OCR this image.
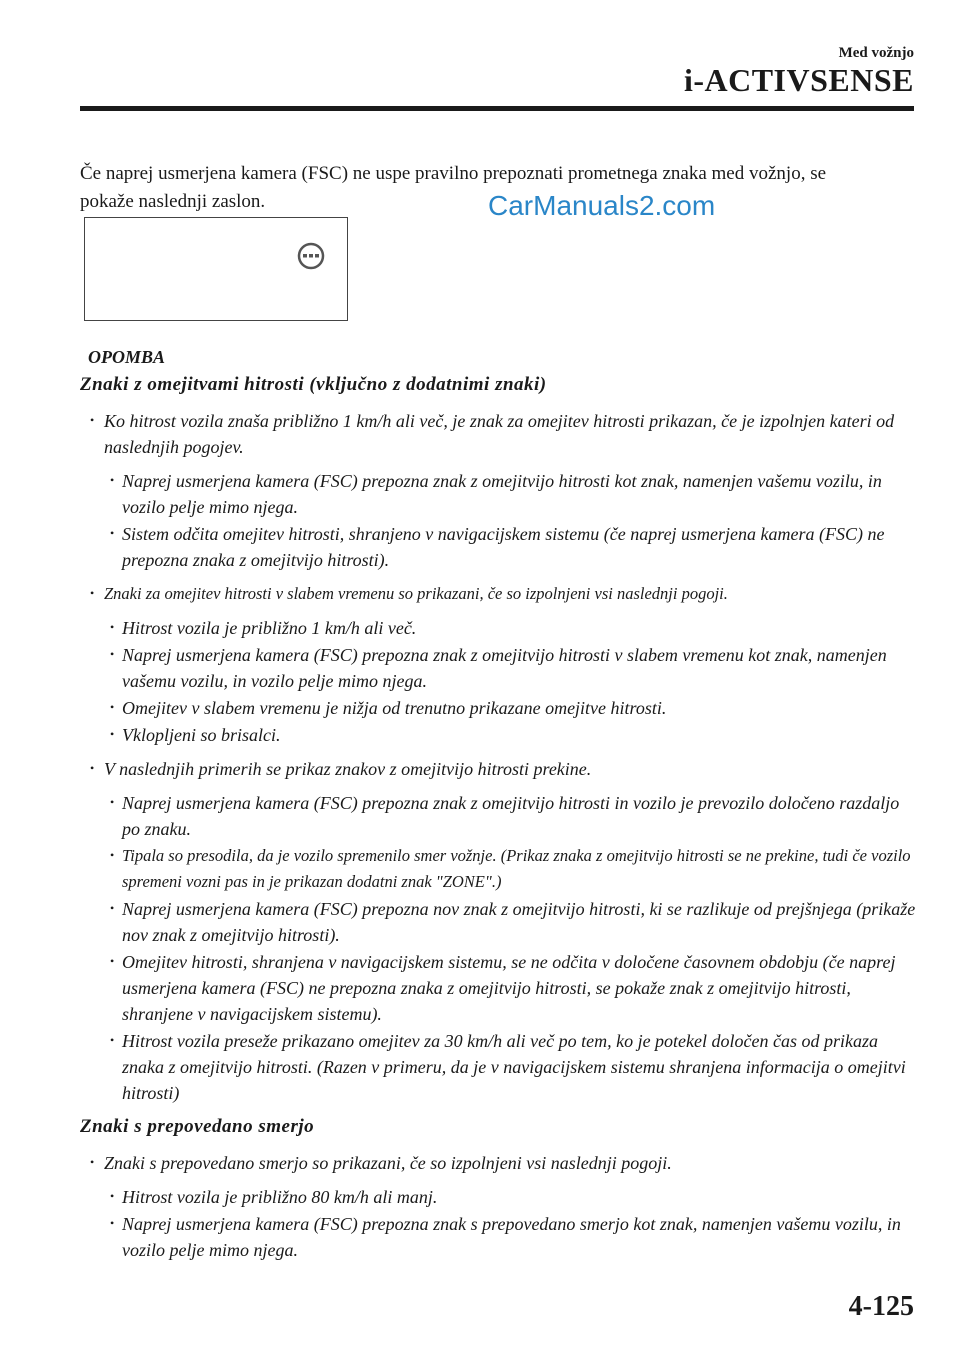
Med vožnjo
i-ACTIVSENSE
Če naprej usmerjena kamera (FSC) ne uspe pravilno prepoznati prometnega znaka med vožnjo, se pokaže naslednji zaslon.	CarManuals2.com
OPOMBA
Znaki z omejitvami hitrosti (vključno z dodatnimi znaki)
• Ko hitrost vozila znaša približno 1 km/h ali več, je znak za omejitev hitrosti prikazan, če je izpolnjen kateri od naslednjih pogojev.
• Naprej usmerjena kamera (FSC) prepozna znak z omejitvijo hitrosti kot znak, namenjen vašemu vozilu, in vozilo pelje mimo njega.
• Sistem odčita omejitev hitrosti, shranjeno v navigacijskem sistemu (če naprej usmerjena kamera (FSC) ne prepozna znaka z omejitvijo hitrosti).
• Znaki za omejitev hitrosti v slabem vremenu so prikazani, če so izpolnjeni vsi naslednji pogoji.
• Hitrost vozila je približno 1 km/h ali več.
• Naprej usmerjena kamera (FSC) prepozna znak z omejitvijo hitrosti v slabem vremenu kot znak, namenjen vašemu vozilu, in vozilo pelje mimo njega.
• Omejitev v slabem vremenu je nižja od trenutno prikazane omejitve hitrosti.
• Vklopljeni so brisalci.
• V naslednjih primerih se prikaz znakov z omejitvijo hitrosti prekine.
• Naprej usmerjena kamera (FSC) prepozna znak z omejitvijo hitrosti in vozilo je prevozilo določeno razdaljo po znaku.
• Tipala so presodila, da je vozilo spremenilo smer vožnje. (Prikaz znaka z omejitvijo hitrosti se ne prekine, tudi če vozilo spremeni vozni pas in je prikazan dodatni znak "ZONE".)
• Naprej usmerjena kamera (FSC) prepozna nov znak z omejitvijo hitrosti, ki se razlikuje od prejšnjega (prikaže nov znak z omejitvijo hitrosti).
• Omejitev hitrosti, shranjena v navigacijskem sistemu, se ne odčita v določene časovnem obdobju (če naprej usmerjena kamera (FSC) ne prepozna znaka z omejitvijo hitrosti, se pokaže znak z omejitvijo hitrosti, shranjene v navigacijskem sistemu).
• Hitrost vozila preseže prikazano omejitev za 30 km/h ali več po tem, ko je potekel določen čas od prikaza znaka z omejitvijo hitrosti. (Razen v primeru, da je v navigacijskem sistemu shranjena informacija o omejitvi hitrosti)
Znaki s prepovedano smerjo
• Znaki s prepovedano smerjo so prikazani, če so izpolnjeni vsi naslednji pogoji.
• Hitrost vozila je približno 80 km/h ali manj.
• Naprej usmerjena kamera (FSC) prepozna znak s prepovedano smerjo kot znak, namenjen vašemu vozilu, in vozilo pelje mimo njega.
4-125
